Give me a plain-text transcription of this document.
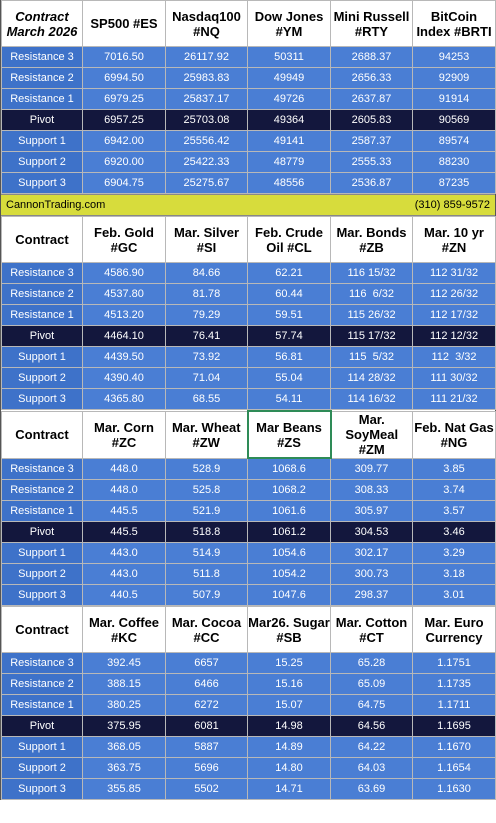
Contract March 2026	SP500 #ES	Nasdaq100 #NQ	Dow Jones #YM	Mini Russell #RTY	BitCoin Index #BRTI
Resistance 3	7016.50	26117.92	50311	2688.37	94253
Resistance 2	6994.50	25983.83	49949	2656.33	92909
Resistance 1	6979.25	25837.17	49726	2637.87	91914
Pivot	6957.25	25703.08	49364	2605.83	90569
Support 1	6942.00	25556.42	49141	2587.37	89574
Support 2	6920.00	25422.33	48779	2555.33	88230
Support 3	6904.75	25275.67	48556	2536.87	87235
CannonTrading.com	(310) 859-9572
Contract	Feb. Gold #GC	Mar. Silver #SI	Feb. Crude Oil #CL	Mar. Bonds #ZB	Mar. 10 yr #ZN
Resistance 3	4586.90	84.66	62.21	116 15/32	112 31/32
Resistance 2	4537.80	81.78	60.44	116  6/32	112 26/32
Resistance 1	4513.20	79.29	59.51	115 26/32	112 17/32
Pivot	4464.10	76.41	57.74	115 17/32	112 12/32
Support 1	4439.50	73.92	56.81	115  5/32	112  3/32
Support 2	4390.40	71.04	55.04	114 28/32	111 30/32
Support 3	4365.80	68.55	54.11	114 16/32	111 21/32
Contract	Mar. Corn #ZC	Mar. Wheat #ZW	Mar Beans #ZS	Mar. SoyMeal #ZM	Feb. Nat Gas #NG
Resistance 3	448.0	528.9	1068.6	309.77	3.85
Resistance 2	448.0	525.8	1068.2	308.33	3.74
Resistance 1	445.5	521.9	1061.6	305.97	3.57
Pivot	445.5	518.8	1061.2	304.53	3.46
Support 1	443.0	514.9	1054.6	302.17	3.29
Support 2	443.0	511.8	1054.2	300.73	3.18
Support 3	440.5	507.9	1047.6	298.37	3.01
Contract	Mar. Coffee #KC	Mar. Cocoa #CC	Mar26. Sugar #SB	Mar. Cotton #CT	Mar. Euro Currency
Resistance 3	392.45	6657	15.25	65.28	1.1751
Resistance 2	388.15	6466	15.16	65.09	1.1735
Resistance 1	380.25	6272	15.07	64.75	1.1711
Pivot	375.95	6081	14.98	64.56	1.1695
Support 1	368.05	5887	14.89	64.22	1.1670
Support 2	363.75	5696	14.80	64.03	1.1654
Support 3	355.85	5502	14.71	63.69	1.1630
